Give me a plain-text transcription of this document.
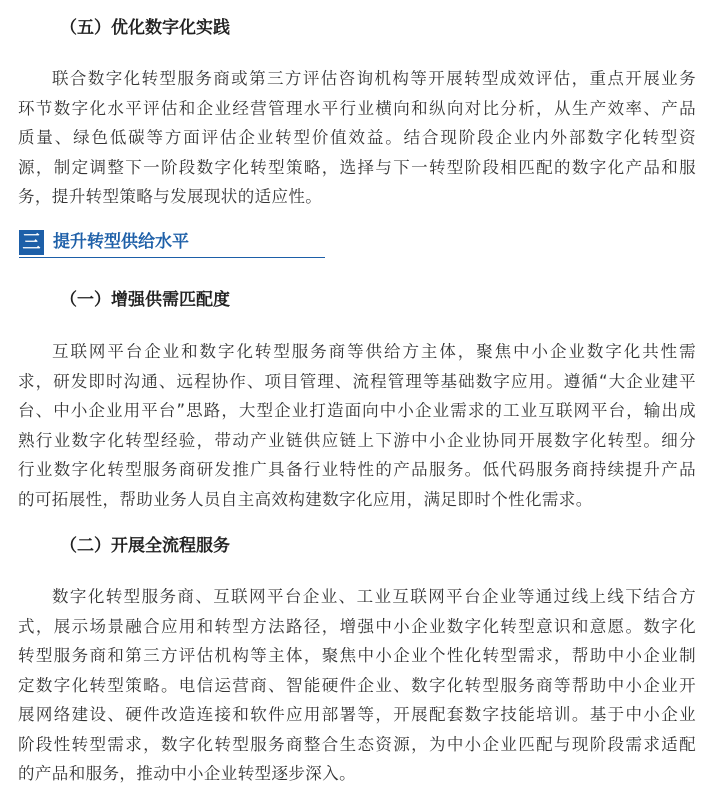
（五）优化数字化实践
联合数字化转型服务商或第三方评估咨询机构等开展转型成效评估，重点开展业务
环节数字化水平评估和企业经营管理水平行业横向和纵向对比分析，从生产效率、产品
质量、绿色低碳等方面评估企业转型价值效益。结合现阶段企业内外部数字化转型资
源，制定调整下一阶段数字化转型策略，选择与下一转型阶段相匹配的数字化产品和服
务，提升转型策略与发展现状的适应性。
三 提升转型供给水平
（一）增强供需匹配度
互联网平台企业和数字化转型服务商等供给方主体，聚焦中小企业数字化共性需
求，研发即时沟通、远程协作、项目管理、流程管理等基础数字应用。遵循“大企业建平
台、中小企业用平台”思路，大型企业打造面向中小企业需求的工业互联网平台，输出成
熟行业数字化转型经验，带动产业链供应链上下游中小企业协同开展数字化转型。细分
行业数字化转型服务商研发推广具备行业特性的产品服务。低代码服务商持续提升产品
的可拓展性，帮助业务人员自主高效构建数字化应用，满足即时个性化需求。
（二）开展全流程服务
数字化转型服务商、互联网平台企业、工业互联网平台企业等通过线上线下结合方
式，展示场景融合应用和转型方法路径，增强中小企业数字化转型意识和意愿。数字化
转型服务商和第三方评估机构等主体，聚焦中小企业个性化转型需求，帮助中小企业制
定数字化转型策略。电信运营商、智能硬件企业、数字化转型服务商等帮助中小企业开
展网络建设、硬件改造连接和软件应用部署等，开展配套数字技能培训。基于中小企业
阶段性转型需求，数字化转型服务商整合生态资源，为中小企业匹配与现阶段需求适配
的产品和服务，推动中小企业转型逐步深入。
